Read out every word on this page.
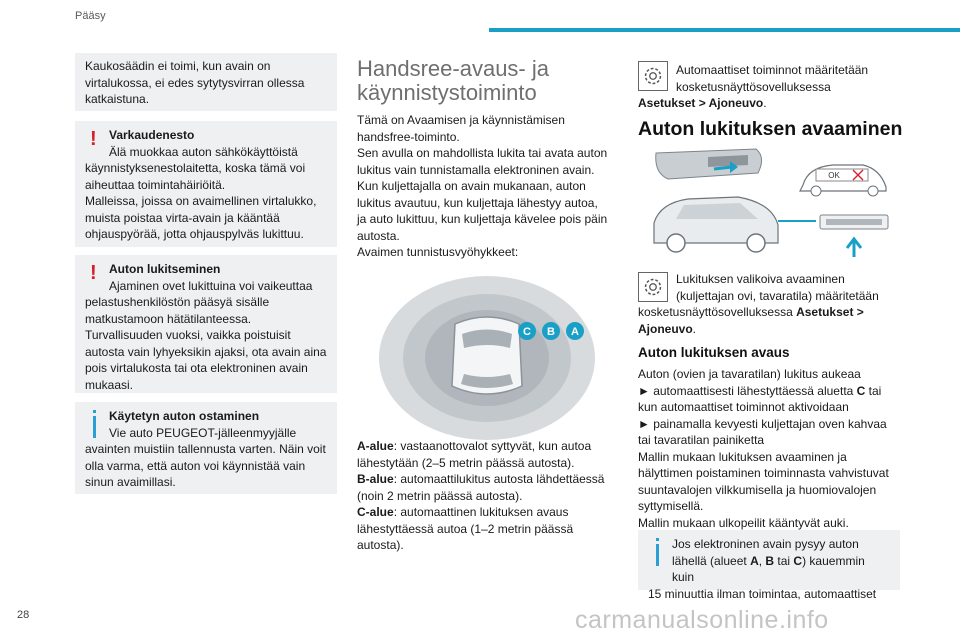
Pääsy

Kaukosäädin ei toimi, kun avain on

virtalukossa, ei edes sytytysvirran ollessa

katkaistuna.

!	Varkaudenesto

Älä muokkaa auton sähkökäyttöistä

käynnistyksenestolaitetta, koska tämä voi

aiheuttaa toimintahäiriöitä.

Malleissa, joissa on avaimellinen virtalukko,

muista poistaa virta-avain ja kääntää

ohjauspyörää, jotta ohjauspylväs lukittuu.

!	Auton lukitseminen

Ajaminen ovet lukittuina voi vaikeuttaa

pelastushenkilöstön pääsyä sisälle

matkustamoon hätätilanteessa.

Turvallisuuden vuoksi, vaikka poistuisit

autosta vain lyhyeksikin ajaksi, ota avain aina

pois virtalukosta tai ota elektroninen avain

mukaasi.

Käytetyn auton ostaminen

Vie auto PEUGEOT-jälleenmyyjälle

avainten muistiin tallennusta varten. Näin voit

olla varma, että auton voi käynnistää vain

sinun avaimillasi.

Handsree-avaus- ja
käynnistystoiminto

Tämä on Avaamisen ja käynnistämisen

handsfree-toiminto.

Sen avulla on mahdollista lukita tai avata auton

lukitus vain tunnistamalla elektroninen avain.

Kun kuljettajalla on avain mukanaan, auton

lukitus avautuu, kun kuljettaja lähestyy autoa,

ja auto lukittuu, kun kuljettaja kävelee pois päin

autosta.

Avaimen tunnistusvyöhykkeet:

C B A

A-alue: vastaanottovalot syttyvät, kun autoa

lähestytään (2–5 metrin päässä autosta).

B-alue: automaattilukitus autosta lähdettäessä

(noin 2 metrin päässä autosta).

C-alue: automaattinen lukituksen avaus

lähestyttäessä autoa (1–2 metrin päässä

autosta).

Automaattiset toiminnot määritetään

kosketusnäyttösovelluksessa

Asetukset > Ajoneuvo.

Auton lukituksen avaaminen
OK

Lukituksen valikoiva avaaminen

(kuljettajan ovi, tavaratila) määritetään

kosketusnäyttösovelluksessa Asetukset >

Ajoneuvo.

Auton lukituksen avaus

Auton (ovien ja tavaratilan) lukitus aukeaa

► automaattisesti lähestyttäessä aluetta C tai

kun automaattiset toiminnot aktivoidaan

► painamalla kevyesti kuljettajan oven kahvaa

tai tavaratilan painiketta

Mallin mukaan lukituksen avaaminen ja

hälyttimen poistaminen toiminnasta vahvistuvat

suuntavalojen vilkkumisella ja huomiovalojen

syttymisellä.

Mallin mukaan ulkopeilit kääntyvät auki.

Jos elektroninen avain pysyy auton

lähellä (alueet A, B tai C) kauemmin kuin

15 minuuttia ilman toimintaa, automaattiset

28	carmanualsonline.info
